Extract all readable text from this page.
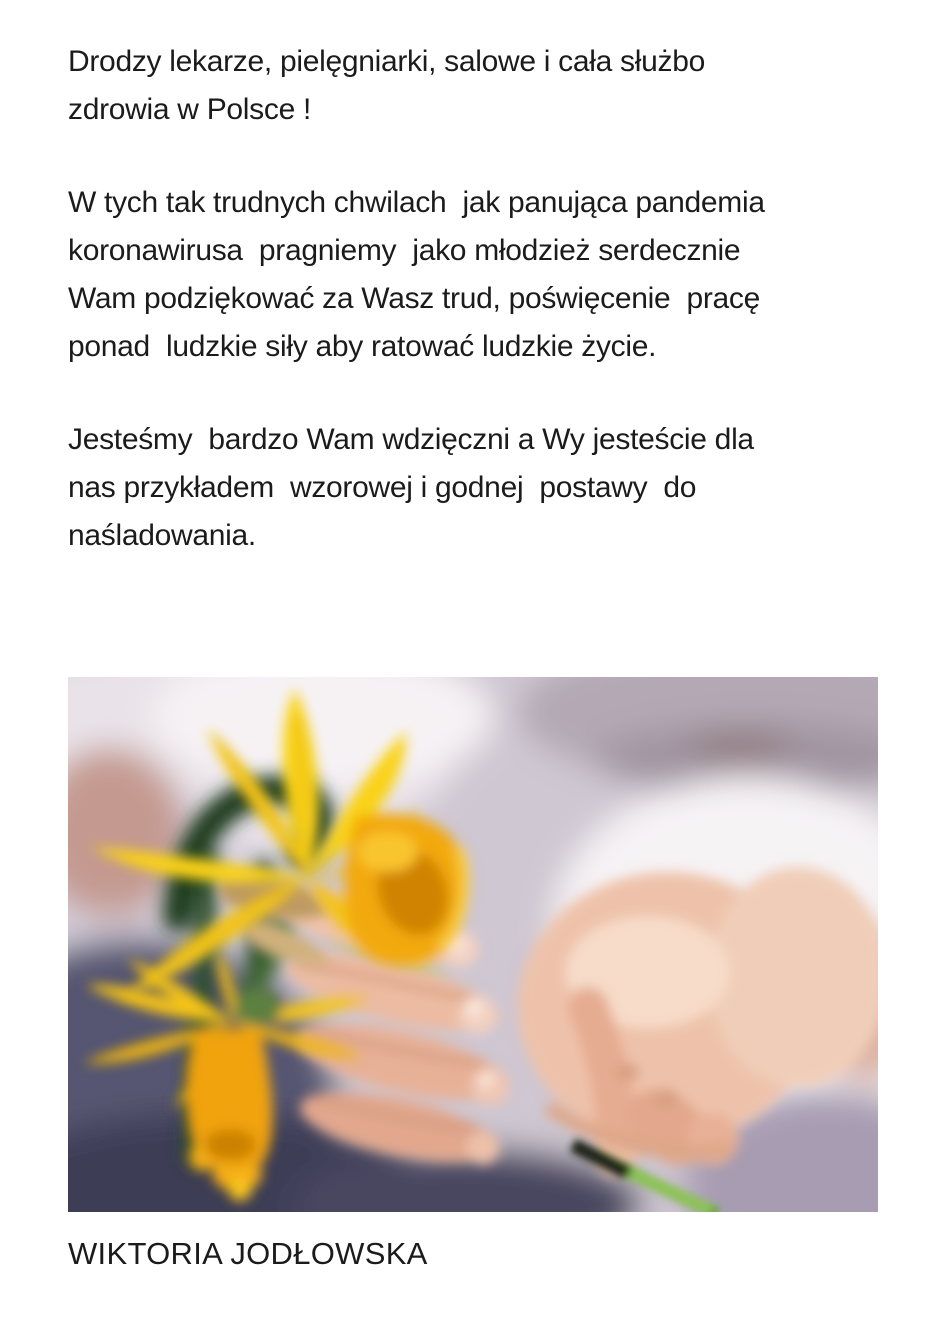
Drodzy lekarze, pielęgniarki, salowe i cała służbo
zdrowia w Polsce !
W tych tak trudnych chwilach  jak panująca pandemia
koronawirusa  pragniemy  jako młodzież serdecznie
Wam podziękować za Wasz trud, poświęcenie  pracę
ponad  ludzkie siły aby ratować ludzkie życie.
Jesteśmy  bardzo Wam wdzięczni a Wy jesteście dla
nas przykładem  wzorowej i godnej  postawy  do
naśladowania.
WIKTORIA JODŁOWSKA
